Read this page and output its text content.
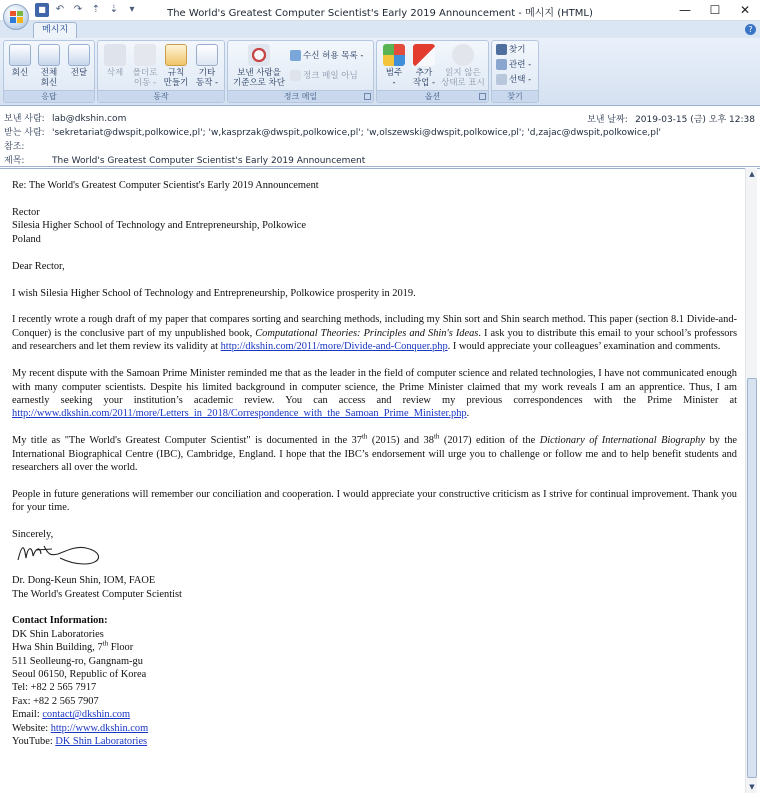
■	↶ ↷ ⇡ ⇣	▾	The World's Greatest Computer Scientist's Early 2019 Announcement - 메시지 (HTML)	—	☐	✕
메시지	?
회신	전체
회신
전달
응답
삭제	폴더로
이동 -
규칙
만들기
기타
동작 -
동작
보낸 사람을
기준으로 차단
수신 허용 목록 -
정크 메일 아님
정크 메일
범주
-
추가
작업 -
읽지 않은
상태로 표시
옵션
찾기
관련 -
선택 -
찾기
보낸 사람: lab@dkshin.com	보낸 날짜: 2019-03-15 (금) 오후 12:38
받는 사람: 'sekretariat@dwspit,polkowice,pl'; 'w,kasprzak@dwspit,polkowice,pl'; 'w,olszewski@dwspit,polkowice,pl'; 'd,zajac@dwspit,polkowice,pl'
참조:
제목:	The World's Greatest Computer Scientist's Early 2019 Announcement

Re: The World's Greatest Computer Scientist's Early 2019 Announcement

Rector
Silesia Higher School of Technology and Entrepreneurship, Polkowice
Poland

Dear Rector,

I wish Silesia Higher School of Technology and Entrepreneurship, Polkowice prosperity in 2019.

I recently wrote a rough draft of my paper that compares sorting and searching methods, including my Shin sort and Shin search method. This paper (section 8.1 Divide-and-Conquer) is the conclusive part of my unpublished book, Computational Theories: Principles and Shin's Ideas. I ask you to distribute this email to your school’s professors and researchers and let them review its validity at http://dkshin.com/2011/more/Divide-and-Conquer.php. I would appreciate your colleagues’ examination and comments.

My recent dispute with the Samoan Prime Minister reminded me that as the leader in the field of computer science and related technologies, I have not communicated enough with many computer scientists. Despite his limited background in computer science, the Prime Minister claimed that my work reveals I am an apprentice. Thus, I am earnestly seeking your institution’s academic review. You can access and review my previous correspondences with the Prime Minister at http://www.dkshin.com/2011/more/Letters_in_2018/Correspondence_with_the_Samoan_Prime_Minister.php.

My title as "The World's Greatest Computer Scientist" is documented in the 37th (2015) and 38th (2017) edition of the Dictionary of International Biography by the International Biographical Centre (IBC), Cambridge, England. I hope that the IBC’s endorsement will urge you to challenge or follow me and to help benefit students and researchers all over the world.

People in future generations will remember our conciliation and cooperation. I would appreciate your constructive criticism as I strive for continual improvement. Thank you for your time.

Sincerely,

Dr. Dong-Keun Shin, IOM, FAOE
The World's Greatest Computer Scientist

Contact Information:
DK Shin Laboratories
Hwa Shin Building, 7th Floor
511 Seolleung-ro, Gangnam-gu
Seoul 06150, Republic of Korea
Tel: +82 2 565 7917
Fax: +82 2 565 7907
Email: contact@dkshin.com
Website: http://www.dkshin.com
YouTube: DK Shin Laboratories
▲
▼
